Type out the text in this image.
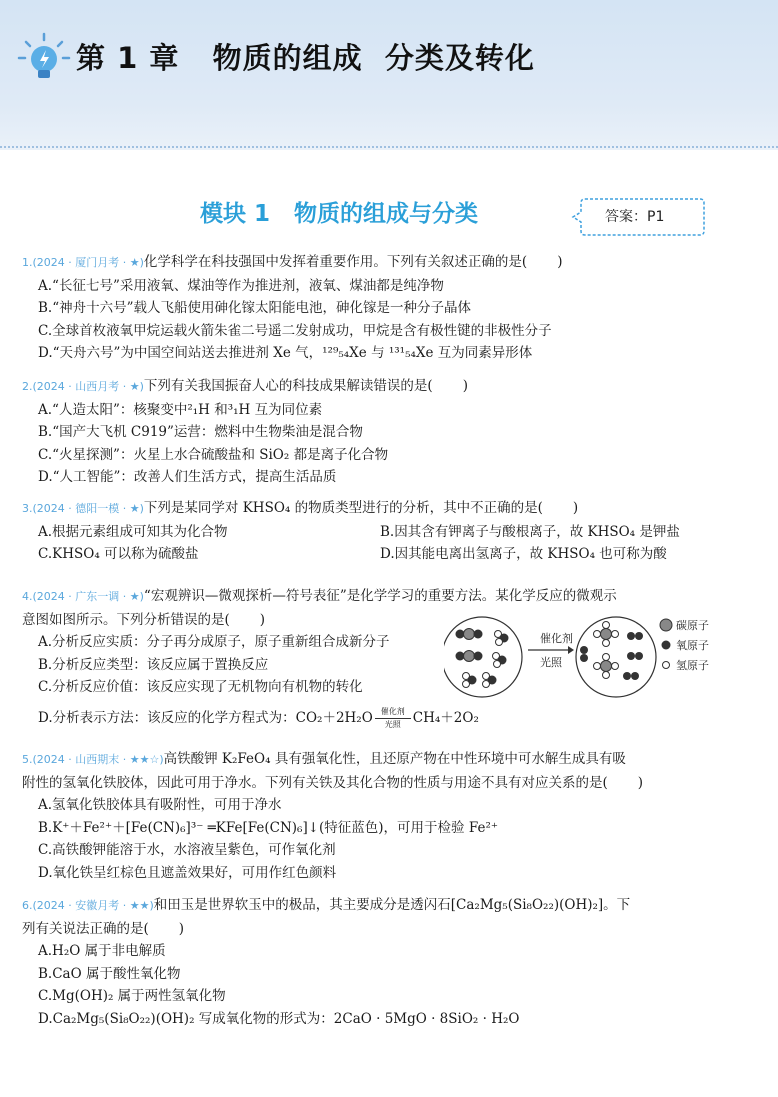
第 1 章   物质的组成  分类及转化
模块 1   物质的组成与分类	答案：P1
1.(2024 · 厦门月考 · ★)化学科学在科技强国中发挥着重要作用。下列有关叙述正确的是( )
A.“长征七号”采用液氧、煤油等作为推进剂，液氧、煤油都是纯净物
B.“神舟十六号”载人飞船使用砷化镓太阳能电池，砷化镓是一种分子晶体
C.全球首枚液氧甲烷运载火箭朱雀二号遥二发射成功，甲烷是含有极性键的非极性分子
D.“天舟六号”为中国空间站送去推进剂 Xe 气，¹²⁹₅₄Xe 与 ¹³¹₅₄Xe 互为同素异形体
2.(2024 · 山西月考 · ★)下列有关我国振奋人心的科技成果解读错误的是( )
A.“人造太阳”：核聚变中²₁H 和³₁H 互为同位素
B.“国产大飞机 C919”运营：燃料中生物柴油是混合物
C.“火星探测”：火星上水合硫酸盐和 SiO₂ 都是离子化合物
D.“人工智能”：改善人们生活方式，提高生活品质
3.(2024 · 德阳一模 · ★)下列是某同学对 KHSO₄ 的物质类型进行的分析，其中不正确的是( )
A.根据元素组成可知其为化合物	B.因其含有钾离子与酸根离子，故 KHSO₄ 是钾盐
C.KHSO₄ 可以称为硫酸盐	D.因其能电离出氢离子，故 KHSO₄ 也可称为酸
4.(2024 · 广东一调 · ★)“宏观辨识—微观探析—符号表征”是化学学习的重要方法。某化学反应的微观示
意图如图所示。下列分析错误的是( )
A.分析反应实质：分子再分成原子，原子重新组合成新分子
B.分析反应类型：该反应属于置换反应
C.分析反应价值：该反应实现了无机物向有机物的转化
D.分析表示方法：该反应的化学方程式为：$CO_2+2H_2O \frac{\text{催化剂}}{\text{光照}} CH_4+2O_2$
催化剂
光照
碳原子
氧原子
氢原子
5.(2024 · 山西期末 · ★★☆)高铁酸钾 K₂FeO₄ 具有强氧化性，且还原产物在中性环境中可水解生成具有吸
附性的氢氧化铁胶体，因此可用于净水。下列有关铁及其化合物的性质与用途不具有对应关系的是( )
A.氢氧化铁胶体具有吸附性，可用于净水
B.K⁺＋Fe²⁺＋[Fe(CN)₆]³⁻ ═KFe[Fe(CN)₆]↓(特征蓝色)，可用于检验 Fe²⁺
C.高铁酸钾能溶于水，水溶液呈紫色，可作氧化剂
D.氧化铁呈红棕色且遮盖效果好，可用作红色颜料
6.(2024 · 安徽月考 · ★★)和田玉是世界软玉中的极品，其主要成分是透闪石[Ca₂Mg₅(Si₈O₂₂)(OH)₂]。下
列有关说法正确的是( )
A.H₂O 属于非电解质
B.CaO 属于酸性氧化物
C.Mg(OH)₂ 属于两性氢氧化物
D.Ca₂Mg₅(Si₈O₂₂)(OH)₂ 写成氧化物的形式为：2CaO · 5MgO · 8SiO₂ · H₂O
